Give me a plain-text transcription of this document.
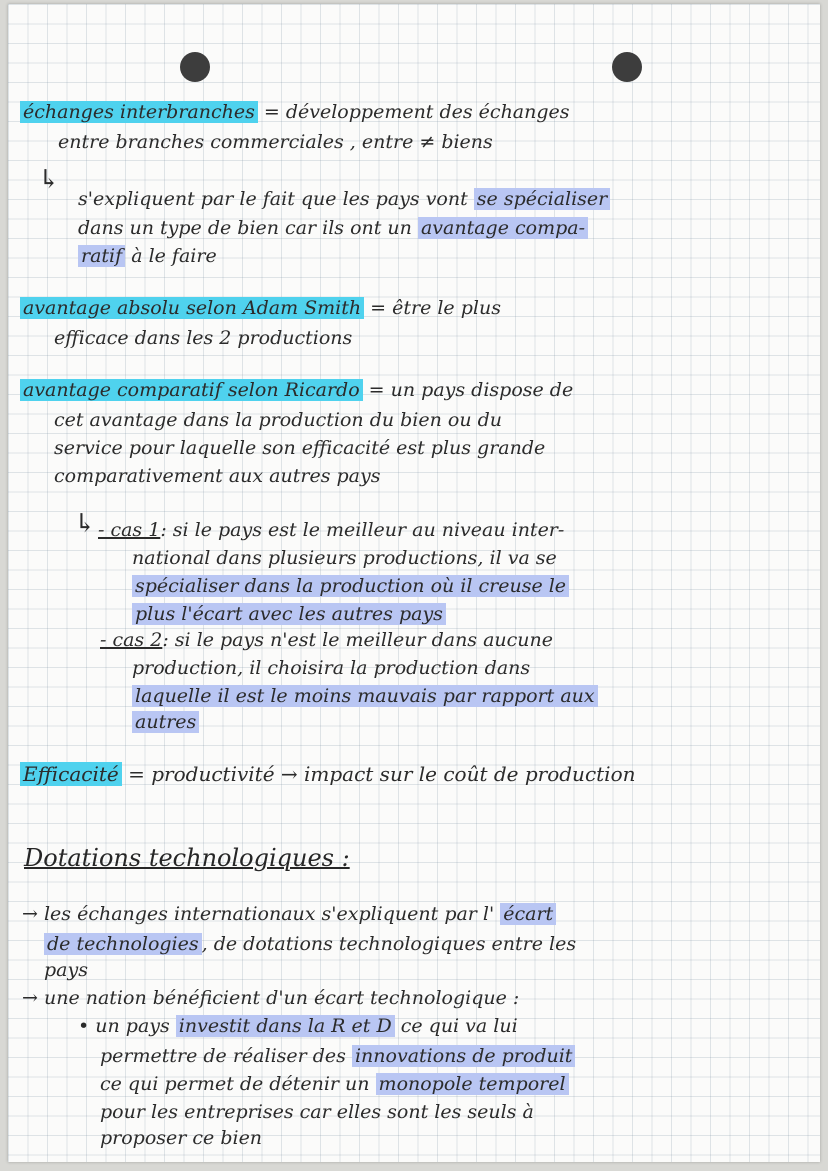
échanges interbranches = développement des échanges
entre branches commerciales , entre ≠ biens
↳
s'expliquent par le fait que les pays vont se spécialiser
dans un type de bien car ils ont un avantage compa-
ratif à le faire
avantage absolu selon Adam Smith = être le plus
efficace dans les 2 productions
avantage comparatif selon Ricardo = un pays dispose de
cet avantage dans la production du bien ou du
service pour laquelle son efficacité est plus grande
comparativement aux autres pays
↳ - cas 1: si le pays est le meilleur au niveau inter-
national dans plusieurs productions, il va se
spécialiser dans la production où il creuse le
plus l'écart avec les autres pays
- cas 2: si le pays n'est le meilleur dans aucune
production, il choisira la production dans
laquelle il est le moins mauvais par rapport aux
autres
Efficacité = productivité → impact sur le coût de production
Dotations technologiques :
→ les échanges internationaux s'expliquent par l' écart
de technologies , de dotations technologiques entre les
pays
→ une nation bénéficient d'un écart technologique :
• un pays investit dans la R et D ce qui va lui
permettre de réaliser des innovations de produit
ce qui permet de détenir un monopole temporel
pour les entreprises car elles sont les seuls à
proposer ce bien
